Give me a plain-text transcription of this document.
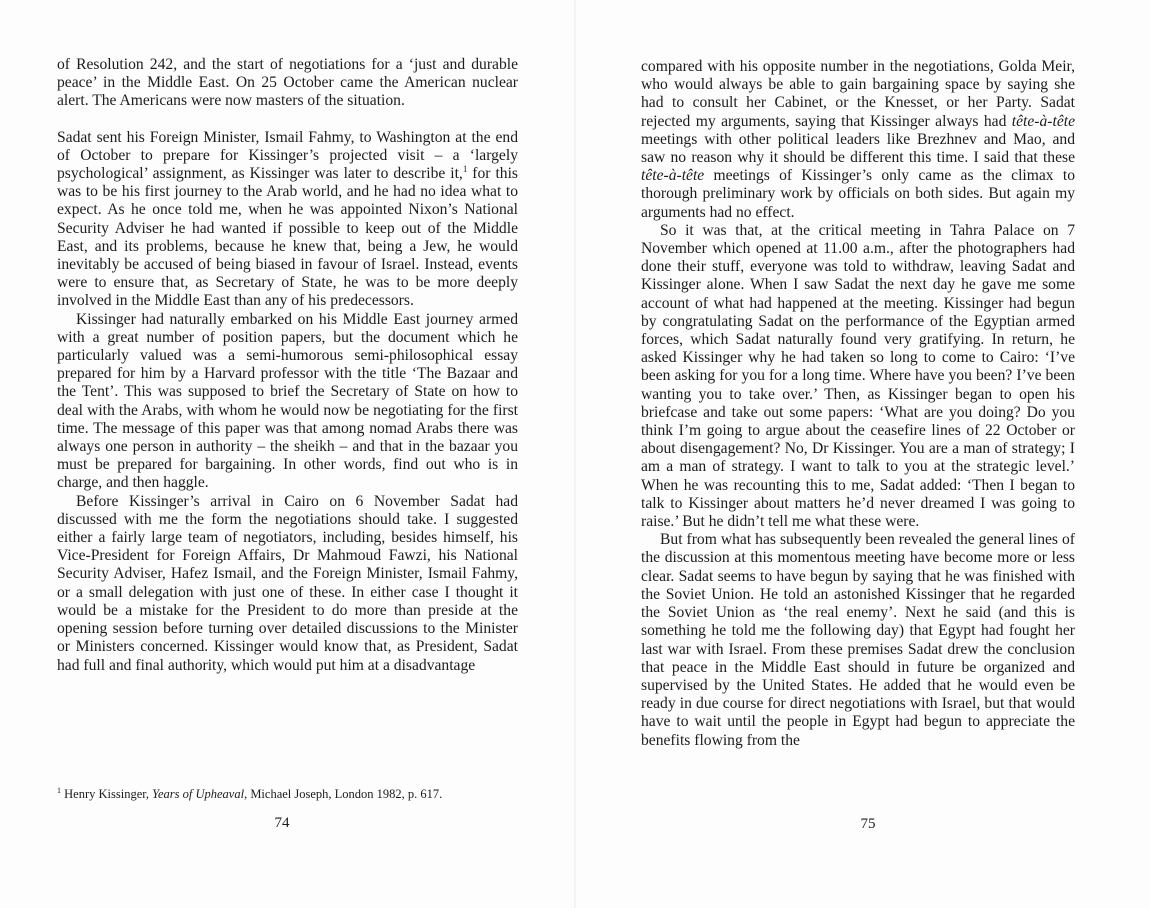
of Resolution 242, and the start of negotiations for a ‘just and durable peace’ in the Middle East. On 25 October came the American nuclear alert. The Americans were now masters of the situation.

Sadat sent his Foreign Minister, Ismail Fahmy, to Washington at the end of October to prepare for Kissinger’s projected visit – a ‘largely psychological’ assignment, as Kissinger was later to describe it,$^1$ for this was to be his first journey to the Arab world, and he had no idea what to expect. As he once told me, when he was appointed Nixon’s National Security Adviser he had wanted if possible to keep out of the Middle East, and its problems, because he knew that, being a Jew, he would inevitably be accused of being biased in favour of Israel. Instead, events were to ensure that, as Secretary of State, he was to be more deeply involved in the Middle East than any of his predecessors.

Kissinger had naturally embarked on his Middle East journey armed with a great number of position papers, but the document which he particularly valued was a semi-humorous semi-philosophical essay prepared for him by a Harvard professor with the title ‘The Bazaar and the Tent’. This was supposed to brief the Secretary of State on how to deal with the Arabs, with whom he would now be negotiating for the first time. The message of this paper was that among nomad Arabs there was always one person in authority – the sheikh – and that in the bazaar you must be prepared for bargaining. In other words, find out who is in charge, and then haggle.

Before Kissinger’s arrival in Cairo on 6 November Sadat had discussed with me the form the negotiations should take. I suggested either a fairly large team of negotiators, including, besides himself, his Vice-President for Foreign Affairs, Dr Mahmoud Fawzi, his National Security Adviser, Hafez Ismail, and the Foreign Minister, Ismail Fahmy, or a small delegation with just one of these. In either case I thought it would be a mistake for the President to do more than preside at the opening session before turning over detailed discussions to the Minister or Ministers concerned. Kissinger would know that, as President, Sadat had full and final authority, which would put him at a disadvantage

$^1$ Henry Kissinger, Years of Upheaval, Michael Joseph, London 1982, p. 617.
74

compared with his opposite number in the negotiations, Golda Meir, who would always be able to gain bargaining space by saying she had to consult her Cabinet, or the Knesset, or her Party. Sadat rejected my arguments, saying that Kissinger always had tête-à-tête meetings with other political leaders like Brezhnev and Mao, and saw no reason why it should be different this time. I said that these tête-à-tête meetings of Kissinger’s only came as the climax to thorough preliminary work by officials on both sides. But again my arguments had no effect.

So it was that, at the critical meeting in Tahra Palace on 7 November which opened at 11.00 a.m., after the photographers had done their stuff, everyone was told to withdraw, leaving Sadat and Kissinger alone. When I saw Sadat the next day he gave me some account of what had happened at the meeting. Kissinger had begun by congratulating Sadat on the performance of the Egyptian armed forces, which Sadat naturally found very gratifying. In return, he asked Kissinger why he had taken so long to come to Cairo: ‘I’ve been asking for you for a long time. Where have you been? I’ve been wanting you to take over.’ Then, as Kissinger began to open his briefcase and take out some papers: ‘What are you doing? Do you think I’m going to argue about the ceasefire lines of 22 October or about disengagement? No, Dr Kissinger. You are a man of strategy; I am a man of strategy. I want to talk to you at the strategic level.’ When he was recounting this to me, Sadat added: ‘Then I began to talk to Kissinger about matters he’d never dreamed I was going to raise.’ But he didn’t tell me what these were.

But from what has subsequently been revealed the general lines of the discussion at this momentous meeting have become more or less clear. Sadat seems to have begun by saying that he was finished with the Soviet Union. He told an astonished Kissinger that he regarded the Soviet Union as ‘the real enemy’. Next he said (and this is something he told me the following day) that Egypt had fought her last war with Israel. From these premises Sadat drew the conclusion that peace in the Middle East should in future be organized and supervised by the United States. He added that he would even be ready in due course for direct negotiations with Israel, but that would have to wait until the people in Egypt had begun to appreciate the benefits flowing from the

75
